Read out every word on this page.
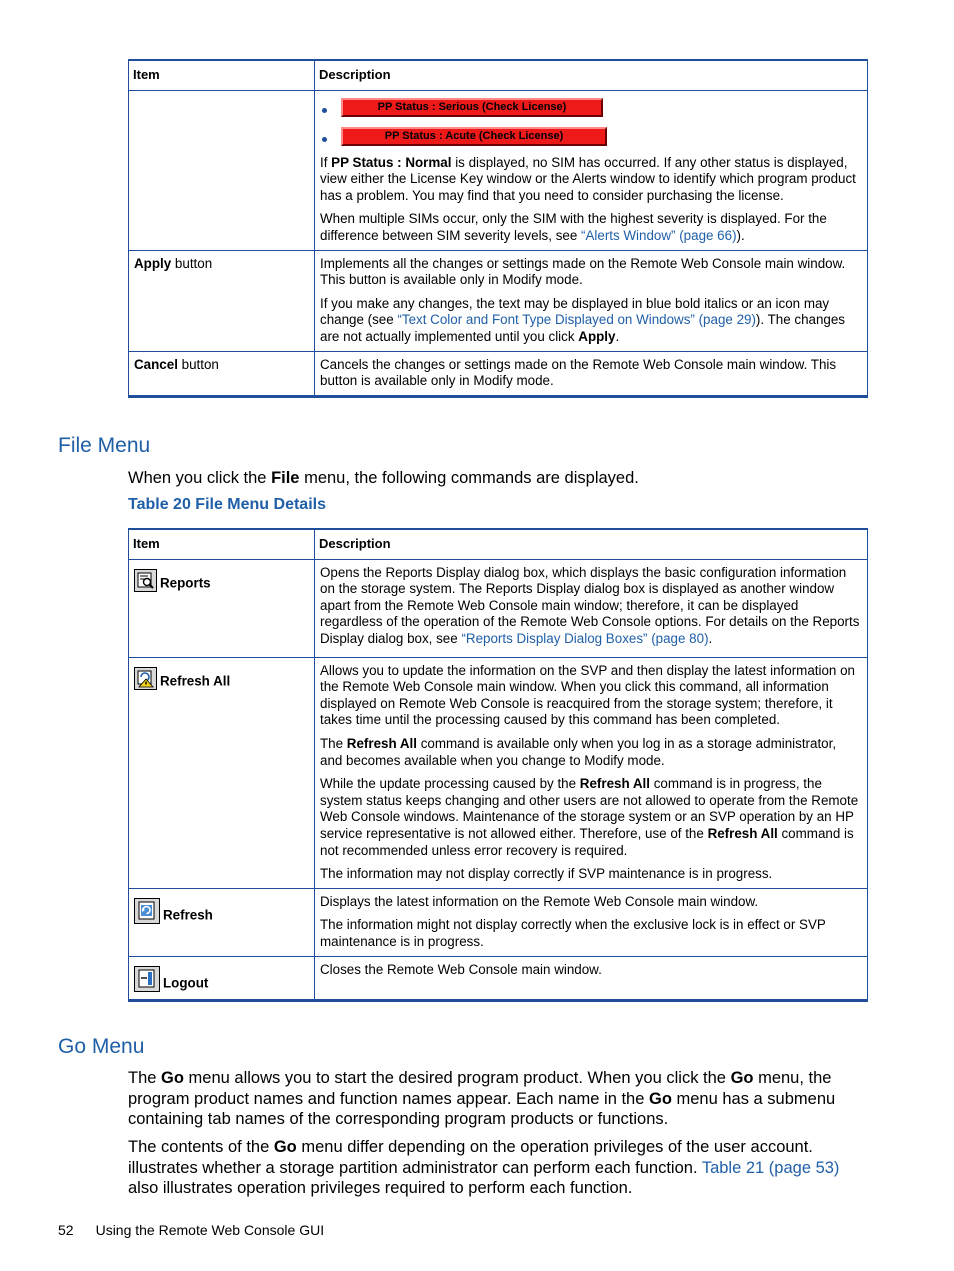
Item	Description

	PP Status : Serious (Check License)
PP Status : Acute (Check License)

If PP Status : Normal is displayed, no SIM has occurred. If any other status is displayed, view either the License Key window or the Alerts window to identify which program product has a problem. You may find that you need to consider purchasing the license.

When multiple SIMs occur, only the SIM with the highest severity is displayed. For the difference between SIM severity levels, see “Alerts Window” (page 66)).

Apply button	Implements all the changes or settings made on the Remote Web Console main window. This button is available only in Modify mode.

If you make any changes, the text may be displayed in blue bold italics or an icon may change (see “Text Color and Font Type Displayed on Windows” (page 29)). The changes are not actually implemented until you click Apply.

Cancel button	Cancels the changes or settings made on the Remote Web Console main window. This button is available only in Modify mode.

File Menu

When you click the File menu, the following commands are displayed.

Table 20 File Menu Details

Item	Description

Reports	Opens the Reports Display dialog box, which displays the basic configuration information on the storage system. The Reports Display dialog box is displayed as another window apart from the Remote Web Console main window; therefore, it can be displayed regardless of the operation of the Remote Web Console options. For details on the Reports Display dialog box, see “Reports Display Dialog Boxes” (page 80).

Refresh All	Allows you to update the information on the SVP and then display the latest information on the Remote Web Console main window. When you click this command, all information displayed on Remote Web Console is reacquired from the storage system; therefore, it takes time until the processing caused by this command has been completed.

The Refresh All command is available only when you log in as a storage administrator, and becomes available when you change to Modify mode.

While the update processing caused by the Refresh All command is in progress, the system status keeps changing and other users are not allowed to operate from the Remote Web Console windows. Maintenance of the storage system or an SVP operation by an HP service representative is not allowed either. Therefore, use of the Refresh All command is not recommended unless error recovery is required.

The information may not display correctly if SVP maintenance is in progress.

Refresh	Displays the latest information on the Remote Web Console main window.

The information might not display correctly when the exclusive lock is in effect or SVP maintenance is in progress.

Logout	Closes the Remote Web Console main window.

Go Menu

The Go menu allows you to start the desired program product. When you click the Go menu, the program product names and function names appear. Each name in the Go menu has a submenu containing tab names of the corresponding program products or functions.

The contents of the Go menu differ depending on the operation privileges of the user account. illustrates whether a storage partition administrator can perform each function. Table 21 (page 53) also illustrates operation privileges required to perform each function.

52 Using the Remote Web Console GUI
